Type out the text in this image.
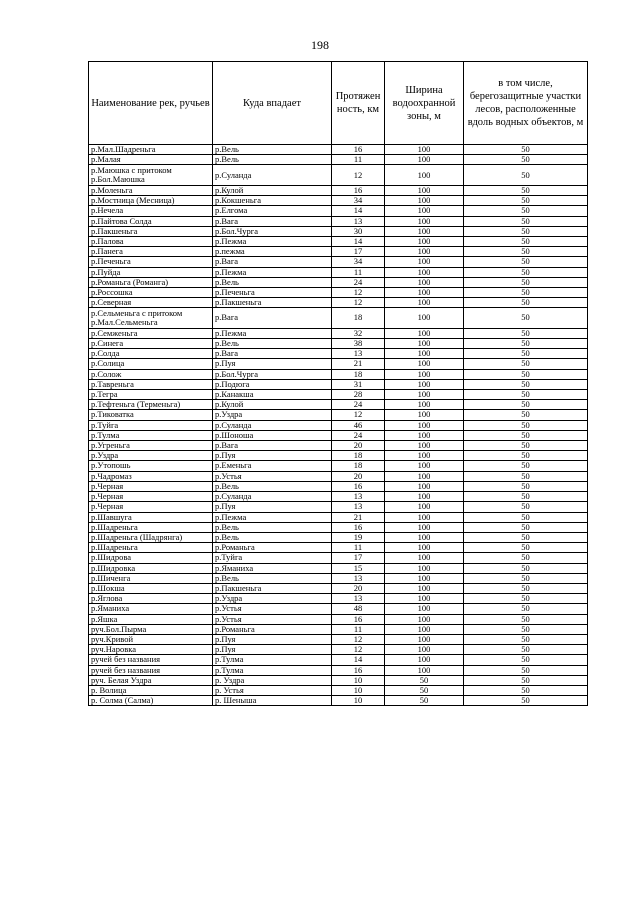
198
Наименование рек, ручьев	Куда впадает	Протяжен ность, км	Ширина водоохранной зоны, м	в том числе, берегозащитные участки лесов, расположенные вдоль водных объектов, м
р.Мал.Шадреньга	р.Вель	16	100	50
р.Малая	р.Вель	11	100	50
р.Маюшка с притоком р.Бол.Маюшка	р.Суланда	12	100	50
р.Моленьга	р.Кулой	16	100	50
р.Мостница (Месница)	р.Кокшеньга	34	100	50
р.Нечела	р.Елгома	14	100	50
р.Пайтова Солда	р.Вага	13	100	50
р.Пакшеньга	р.Бол.Чурга	30	100	50
р.Палова	р.Пежма	14	100	50
р.Панега	р.пежма	17	100	50
р.Печеньга	р.Вага	34	100	50
р.Пуйда	р.Пежма	11	100	50
р.Романьга (Романга)	р.Вель	24	100	50
р.Россошка	р.Печеньга	12	100	50
р.Северная	р.Пакшеньга	12	100	50
р.Сельменьга с притоком р.Мал.Сельменьга	р.Вага	18	100	50
р.Семженьга	р.Пежма	32	100	50
р.Синега	р.Вель	38	100	50
р.Солда	р.Вага	13	100	50
р.Солица	р.Пуя	21	100	50
р.Солож	р.Бол.Чурга	18	100	50
р.Тавреньга	р.Подюга	31	100	50
р.Тегра	р.Канакша	28	100	50
р.Тефтеньга (Терменьга)	р.Кулой	24	100	50
р.Тиковатка	р.Уздра	12	100	50
р.Туйга	р.Суланда	46	100	50
р.Тулма	р.Шоноша	24	100	50
р.Угреньга	р.Вага	20	100	50
р.Уздра	р.Пуя	18	100	50
р.Утопошь	р.Еменьга	18	100	50
р.Чадромаз	р.Устья	20	100	50
р.Черная	р.Вель	16	100	50
р.Черная	р.Суланда	13	100	50
р.Черная	р.Пуя	13	100	50
р.Шавшуга	р.Пежма	21	100	50
р.Шадреньга	р.Вель	16	100	50
р.Шадреньга (Шадрянга)	р.Вель	19	100	50
р.Шадреньга	р.Романьга	11	100	50
р.Шидрова	р.Туйга	17	100	50
р.Шидровка	р.Яманиха	15	100	50
р.Шиченга	р.Вель	13	100	50
р.Шокша	р.Пакшеньга	20	100	50
р.Яглова	р.Уздра	13	100	50
р.Яманиха	р.Устья	48	100	50
р.Яшка	р.Устья	16	100	50
руч.Бол.Пырма	р.Романьга	11	100	50
руч.Кривой	р.Пуя	12	100	50
руч.Наровка	р.Пуя	12	100	50
ручей без названия	р.Тулма	14	100	50
ручей без названия	р.Тулма	16	100	50
руч. Белая Уздра	р. Уздра	10	50	50
р. Волица	р. Устья	10	50	50
р. Солма (Салма)	р. Шеныша	10	50	50
